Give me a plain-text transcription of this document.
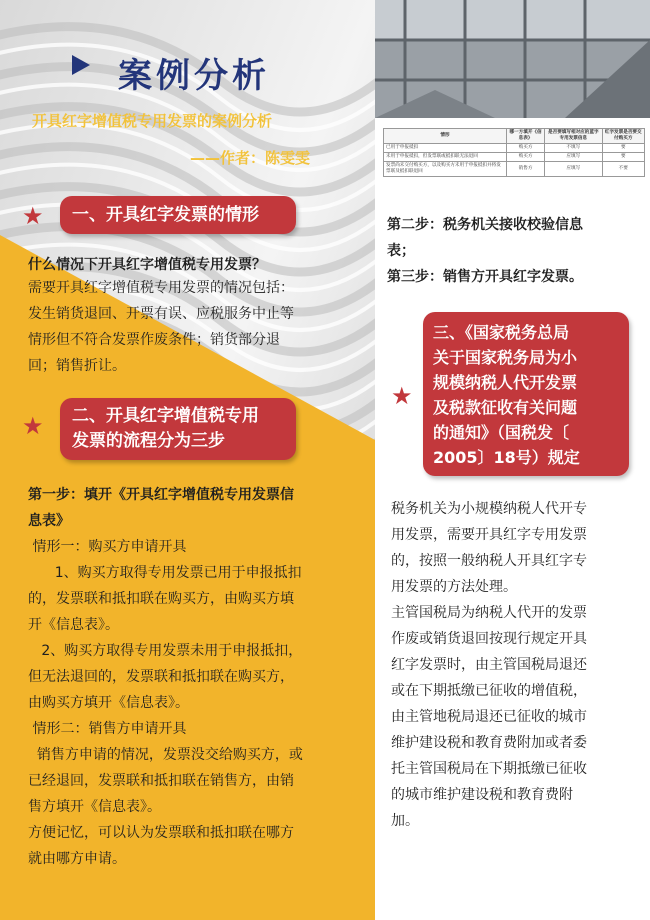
案例分析
开具红字增值税专用发票的案例分析
——作者：陈雯雯
★	一、开具红字发票的情形
什么情况下开具红字增值税专用发票？
需要开具红字增值税专用发票的情况包括：
发生销货退回、开票有误、应税服务中止等
情形但不符合发票作废条件；销货部分退
回；销售折让。
★ 二、开具红字增值税专用
发票的流程分为三步
第一步：填开《开具红字增值税专用发票信
息表》
情形一：购买方申请开具
1、购买方取得专用发票已用于申报抵扣
的，发票联和抵扣联在购买方，由购买方填
开《信息表》。
2、购买方取得专用发票未用于申报抵扣，
但无法退回的，发票联和抵扣联在购买方，
由购买方填开《信息表》。
情形二：销售方申请开具
销售方申请的情况，发票没交给购买方，或
已经退回，发票联和抵扣联在销售方，由销
售方填开《信息表》。
方便记忆，可以认为发票联和抵扣联在哪方
就由哪方申请。
情形	哪一方填开《信息表》	是否要填写相对应的蓝字专用发票信息	红字发票是否要交付购买方
已用于申报抵扣	购买方	不填写	要
未用于申报抵扣，但发票联或抵扣联无法退回	购买方	应填写	要
发票尚未交付购买方，以及购买方未用于申报抵扣并将发票联及抵扣联退回	销售方	应填写	不要
第二步：税务机关接收校验信息
表；
第三步：销售方开具红字发票。
★
三、《国家税务总局
关于国家税务局为小
规模纳税人代开发票
及税款征收有关问题
的通知》（国税发〔
2005〕18号）规定
税务机关为小规模纳税人代开专
用发票，需要开具红字专用发票
的，按照一般纳税人开具红字专
用发票的方法处理。
主管国税局为纳税人代开的发票
作废或销货退回按现行规定开具
红字发票时，由主管国税局退还
或在下期抵缴已征收的增值税，
由主管地税局退还已征收的城市
维护建设税和教育费附加或者委
托主管国税局在下期抵缴已征收
的城市维护建设税和教育费附
加。
